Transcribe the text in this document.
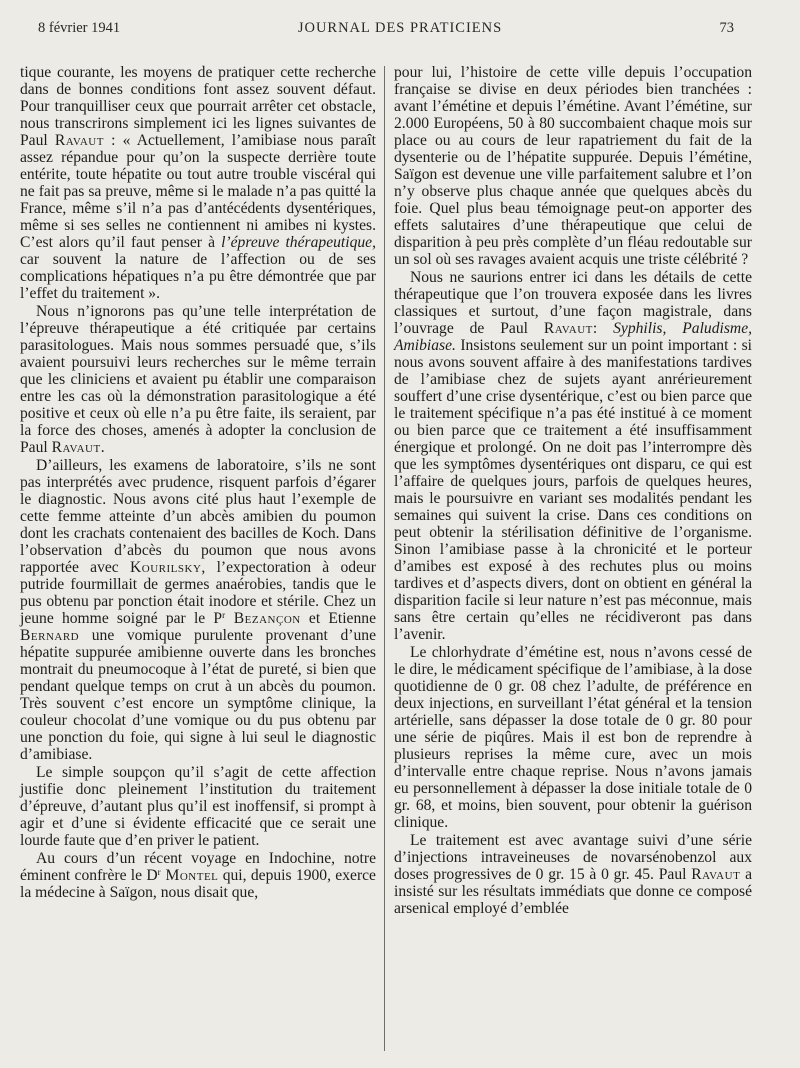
8 février 1941	JOURNAL DES PRATICIENS	73

tique courante, les moyens de pratiquer cette recherche dans de bonnes conditions font assez souvent défaut. Pour tranquilliser ceux que pourrait arrêter cet obstacle, nous transcrirons simplement ici les lignes suivantes de Paul Ravaut : « Actuellement, l’amibiase nous paraît assez répandue pour qu’on la suspecte derrière toute entérite, toute hépatite ou tout autre trouble viscéral qui ne fait pas sa preuve, même si le malade n’a pas quitté la France, même s’il n’a pas d’antécédents dysentériques, même si ses selles ne contiennent ni amibes ni kystes. C’est alors qu’il faut penser à l’épreuve thérapeutique, car souvent la nature de l’affection ou de ses complications hépatiques n’a pu être démontrée que par l’effet du traitement ».

Nous n’ignorons pas qu’une telle interprétation de l’épreuve thérapeutique a été critiquée par certains parasitologues. Mais nous sommes persuadé que, s’ils avaient poursuivi leurs recherches sur le même terrain que les cliniciens et avaient pu établir une comparaison entre les cas où la démonstration parasitologique a été positive et ceux où elle n’a pu être faite, ils seraient, par la force des choses, amenés à adopter la conclusion de Paul Ravaut.

D’ailleurs, les examens de laboratoire, s’ils ne sont pas interprétés avec prudence, risquent parfois d’égarer le diagnostic. Nous avons cité plus haut l’exemple de cette femme atteinte d’un abcès amibien du poumon dont les crachats contenaient des bacilles de Koch. Dans l’observation d’abcès du poumon que nous avons rapportée avec Kourilsky, l’expectoration à odeur putride fourmillait de germes anaérobies, tandis que le pus obtenu par ponction était inodore et stérile. Chez un jeune homme soigné par le $P^r$ Bezançon et Etienne Bernard une vomique purulente provenant d’une hépatite suppurée amibienne ouverte dans les bronches montrait du pneumocoque à l’état de pureté, si bien que pendant quelque temps on crut à un abcès du poumon. Très souvent c’est encore un symptôme clinique, la couleur chocolat d’une vomique ou du pus obtenu par une ponction du foie, qui signe à lui seul le diagnostic d’amibiase.

Le simple soupçon qu’il s’agit de cette affection justifie donc pleinement l’institution du traitement d’épreuve, d’autant plus qu’il est inoffensif, si prompt à agir et d’une si évidente efficacité que ce serait une lourde faute que d’en priver le patient.

Au cours d’un récent voyage en Indochine, notre éminent confrère le $D^r$ Montel qui, depuis 1900, exerce la médecine à Saïgon, nous disait que,

pour lui, l’histoire de cette ville depuis l’occupation française se divise en deux périodes bien tranchées : avant l’émétine et depuis l’émétine. Avant l’émétine, sur 2.000 Européens, 50 à 80 succombaient chaque mois sur place ou au cours de leur rapatriement du fait de la dysenterie ou de l’hépatite suppurée. Depuis l’émétine, Saïgon est devenue une ville parfaitement salubre et l’on n’y observe plus chaque année que quelques abcès du foie. Quel plus beau témoignage peut-on apporter des effets salutaires d’une thérapeutique que celui de disparition à peu près complète d’un fléau redoutable sur un sol où ses ravages avaient acquis une triste célébrité ?

Nous ne saurions entrer ici dans les détails de cette thérapeutique que l’on trouvera exposée dans les livres classiques et surtout, d’une façon magistrale, dans l’ouvrage de Paul Ravaut: Syphilis, Paludisme, Amibiase. Insistons seulement sur un point important : si nous avons souvent affaire à des manifestations tardives de l’amibiase chez de sujets ayant anrérieurement souffert d’une crise dysentérique, c’est ou bien parce que le traitement spécifique n’a pas été institué à ce moment ou bien parce que ce traitement a été insuffisamment énergique et prolongé. On ne doit pas l’interrompre dès que les symptômes dysentériques ont disparu, ce qui est l’affaire de quelques jours, parfois de quelques heures, mais le poursuivre en variant ses modalités pendant les semaines qui suivent la crise. Dans ces conditions on peut obtenir la stérilisation définitive de l’organisme. Sinon l’amibiase passe à la chronicité et le porteur d’amibes est exposé à des rechutes plus ou moins tardives et d’aspects divers, dont on obtient en général la disparition facile si leur nature n’est pas méconnue, mais sans être certain qu’elles ne récidiveront pas dans l’avenir.

Le chlorhydrate d’émétine est, nous n’avons cessé de le dire, le médicament spécifique de l’amibiase, à la dose quotidienne de 0 gr. 08 chez l’adulte, de préférence en deux injections, en surveillant l’état général et la tension artérielle, sans dépasser la dose totale de 0 gr. 80 pour une série de piqûres. Mais il est bon de reprendre à plusieurs reprises la même cure, avec un mois d’intervalle entre chaque reprise. Nous n’avons jamais eu personnellement à dépasser la dose initiale totale de 0 gr. 68, et moins, bien souvent, pour obtenir la guérison clinique.

Le traitement est avec avantage suivi d’une série d’injections intraveineuses de novarsénobenzol aux doses progressives de 0 gr. 15 à 0 gr. 45. Paul Ravaut a insisté sur les résultats immédiats que donne ce composé arsenical employé d’emblée
